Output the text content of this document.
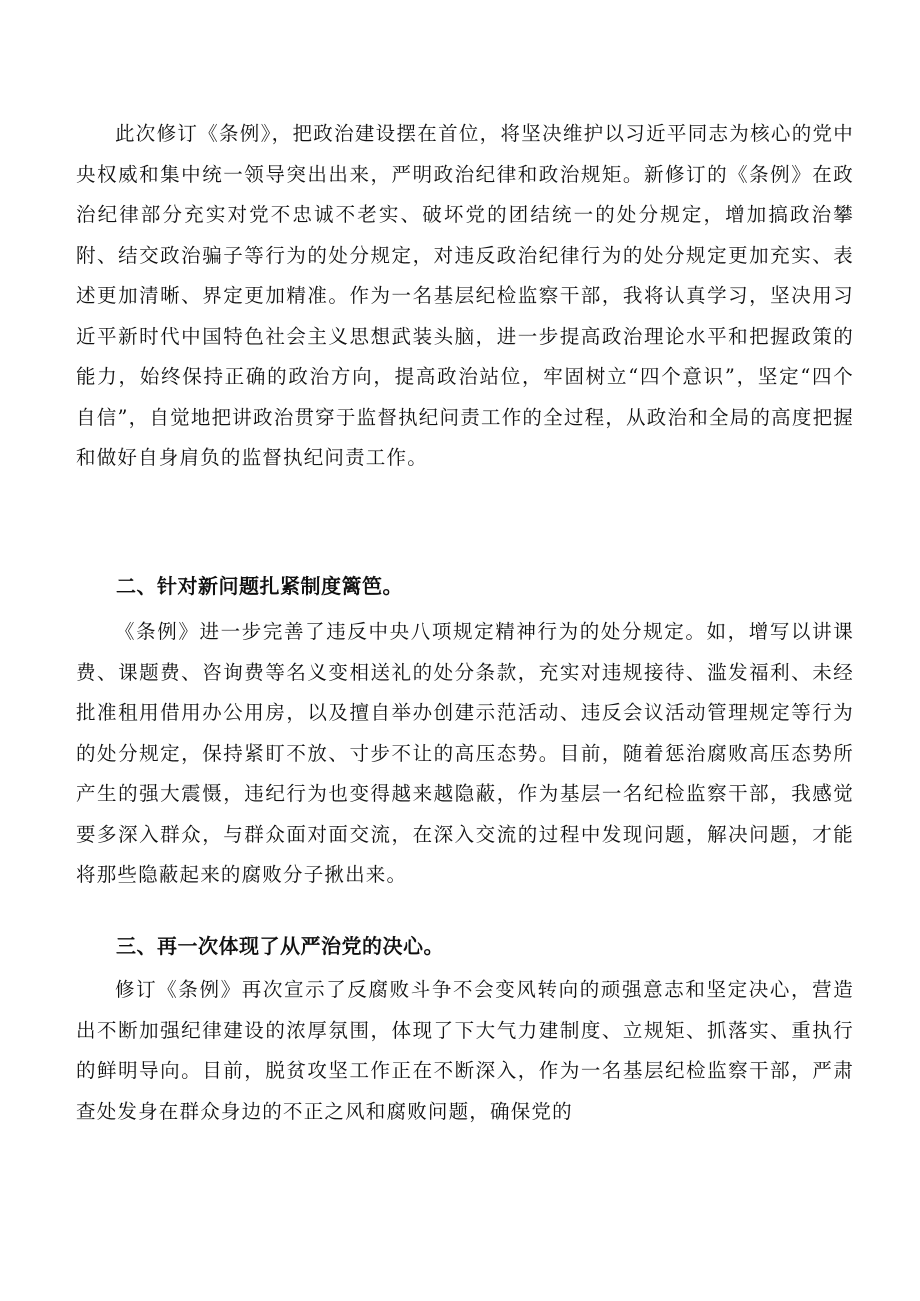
此次修订《条例》，把政治建设摆在首位，将坚决维护以习近平同志为核心的党中央权威和集中统一领导突出出来，严明政治纪律和政治规矩。新修订的《条例》在政治纪律部分充实对党不忠诚不老实、破坏党的团结统一的处分规定，增加搞政治攀附、结交政治骗子等行为的处分规定，对违反政治纪律行为的处分规定更加充实、表述更加清晰、界定更加精准。作为一名基层纪检监察干部，我将认真学习，坚决用习近平新时代中国特色社会主义思想武装头脑，进一步提高政治理论水平和把握政策的能力，始终保持正确的政治方向，提高政治站位，牢固树立“四个意识”，坚定“四个自信”，自觉地把讲政治贯穿于监督执纪问责工作的全过程，从政治和全局的高度把握和做好自身肩负的监督执纪问责工作。

二、针对新问题扎紧制度篱笆。

《条例》进一步完善了违反中央八项规定精神行为的处分规定。如，增写以讲课费、课题费、咨询费等名义变相送礼的处分条款，充实对违规接待、滥发福利、未经批准租用借用办公用房，以及擅自举办创建示范活动、违反会议活动管理规定等行为的处分规定，保持紧盯不放、寸步不让的高压态势。目前，随着惩治腐败高压态势所产生的强大震慑，违纪行为也变得越来越隐蔽，作为基层一名纪检监察干部，我感觉要多深入群众，与群众面对面交流，在深入交流的过程中发现问题，解决问题，才能将那些隐蔽起来的腐败分子揪出来。

三、再一次体现了从严治党的决心。

修订《条例》再次宣示了反腐败斗争不会变风转向的顽强意志和坚定决心，营造出不断加强纪律建设的浓厚氛围，体现了下大气力建制度、立规矩、抓落实、重执行的鲜明导向。目前，脱贫攻坚工作正在不断深入，作为一名基层纪检监察干部，严肃查处发身在群众身边的不正之风和腐败问题，确保党的
